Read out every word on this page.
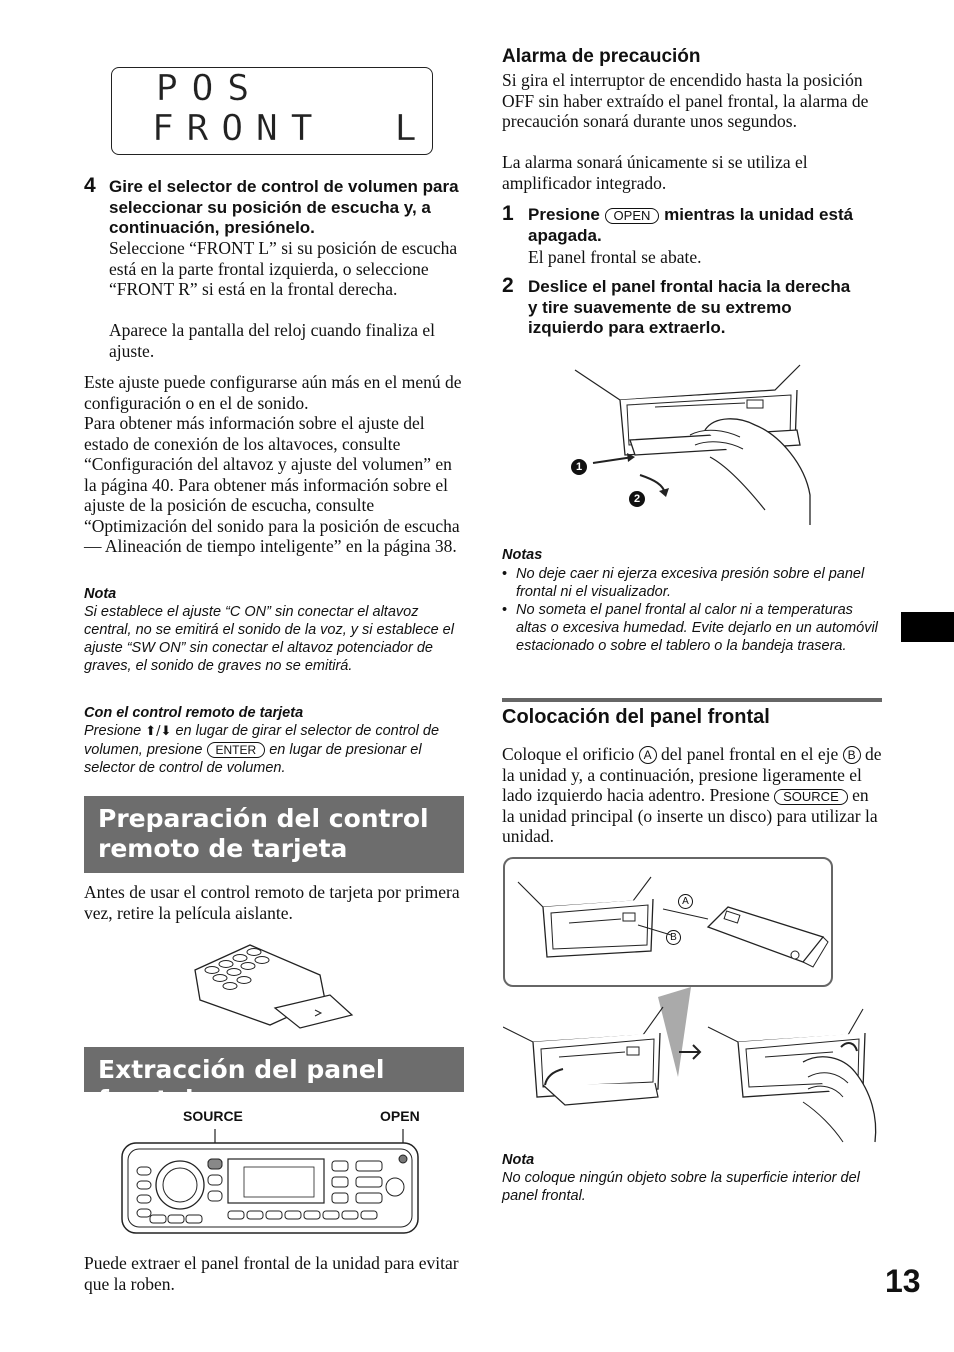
POS
FRONT  L
4 Gire el selector de control de volumen para seleccionar su posición de escucha y, a continuación, presiónelo.
Seleccione “FRONT L” si su posición de escucha está en la parte frontal izquierda, o seleccione “FRONT R” si está en la frontal derecha.
Aparece la pantalla del reloj cuando finaliza el ajuste.
Este ajuste puede configurarse aún más en el menú de configuración o en el de sonido.
Para obtener más información sobre el ajuste del estado de conexión de los altavoces, consulte “Configuración del altavoz y ajuste del volumen” en la página 40. Para obtener más información sobre el ajuste de la posición de escucha, consulte “Optimización del sonido para la posición de escucha — Alineación de tiempo inteligente” en la página 38.
Nota
Si establece el ajuste “C ON” sin conectar el altavoz central, no se emitirá el sonido de la voz, y si establece el ajuste “SW ON” sin conectar el altavoz potenciador de graves, el sonido de graves no se emitirá.
Con el control remoto de tarjeta
Presione ⬆/⬇ en lugar de girar el selector de control de volumen, presione ENTER en lugar de presionar el selector de control de volumen.
Preparación del control remoto de tarjeta
Antes de usar el control remoto de tarjeta por primera vez, retire la película aislante.
Extracción del panel frontal
SOURCE	OPEN
Puede extraer el panel frontal de la unidad para evitar que la roben.
Alarma de precaución
Si gira el interruptor de encendido hasta la posición OFF sin haber extraído el panel frontal, la alarma de precaución sonará durante unos segundos.
La alarma sonará únicamente si se utiliza el amplificador integrado.
1 Presione OPEN mientras la unidad está apagada.
El panel frontal se abate.
2 Deslice el panel frontal hacia la derecha y tire suavemente de su extremo izquierdo para extraerlo.
1
2
Notas
• No deje caer ni ejerza excesiva presión sobre el panel frontal ni el visualizador.
• No someta el panel frontal al calor ni a temperaturas altas o excesiva humedad. Evite dejarlo en un automóvil estacionado o sobre el tablero o la bandeja trasera.
Colocación del panel frontal
Coloque el orificio A del panel frontal en el eje B de la unidad y, a continuación, presione ligeramente el lado izquierdo hacia adentro. Presione SOURCE en la unidad principal (o inserte un disco) para utilizar la unidad.
A
B
Nota
No coloque ningún objeto sobre la superficie interior del panel frontal.
13
